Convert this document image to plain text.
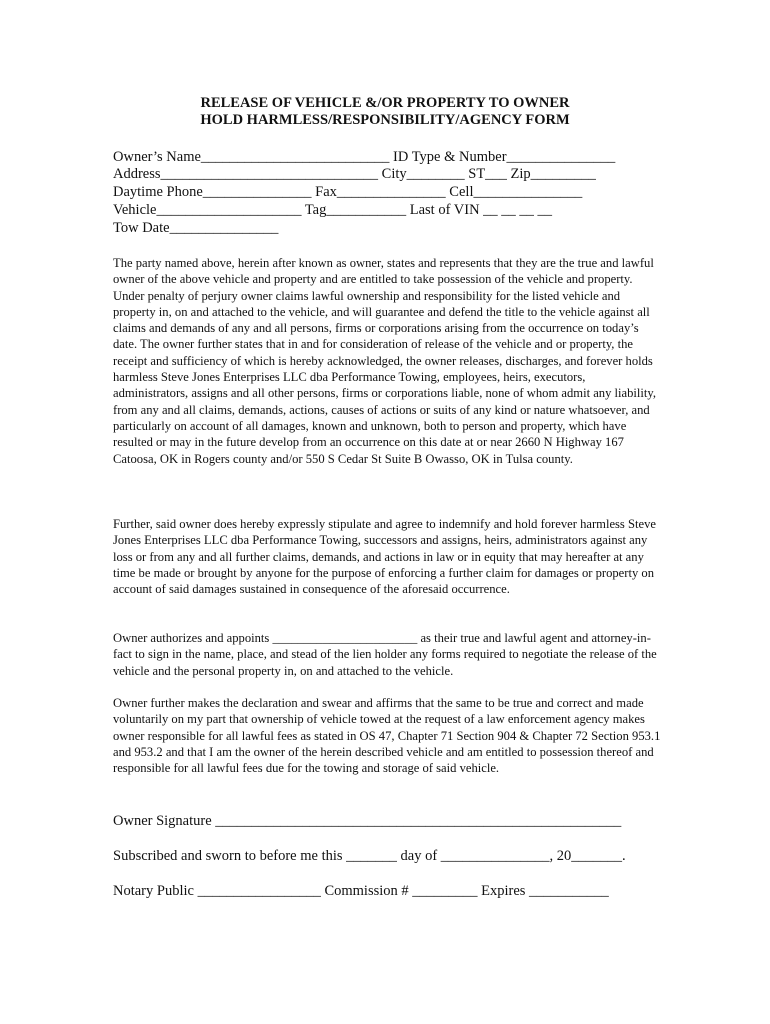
RELEASE OF VEHICLE &/OR PROPERTY TO OWNER
HOLD HARMLESS/RESPONSIBILITY/AGENCY FORM
Owner’s Name__________________________ ID Type & Number_______________
Address______________________________ City________ ST___ Zip_________
Daytime Phone_______________ Fax_______________ Cell_______________
Vehicle____________________ Tag___________ Last of VIN __ __ __ __
Tow Date_______________

The party named above, herein after known as owner, states and represents that they are the true and lawful owner of the above vehicle and property and are entitled to take possession of the vehicle and property. Under penalty of perjury owner claims lawful ownership and responsibility for the listed vehicle and property in, on and attached to the vehicle, and will guarantee and defend the title to the vehicle against all claims and demands of any and all persons, firms or corporations arising from the occurrence on today’s date. The owner further states that in and for consideration of release of the vehicle and or property, the receipt and sufficiency of which is hereby acknowledged, the owner releases, discharges, and forever holds harmless Steve Jones Enterprises LLC dba Performance Towing, employees, heirs, executors, administrators, assigns and all other persons, firms or corporations liable, none of whom admit any liability, from any and all claims, demands, actions, causes of actions or suits of any kind or nature whatsoever, and particularly on account of all damages, known and unknown, both to person and property, which have resulted or may in the future develop from an occurrence on this date at or near 2660 N Highway 167 Catoosa, OK in Rogers county and/or 550 S Cedar St Suite B Owasso, OK in Tulsa county.

Further, said owner does hereby expressly stipulate and agree to indemnify and hold forever harmless Steve Jones Enterprises LLC dba Performance Towing, successors and assigns, heirs, administrators against any loss or from any and all further claims, demands, and actions in law or in equity that may hereafter at any time be made or brought by anyone for the purpose of enforcing a further claim for damages or property on account of said damages sustained in consequence of the aforesaid occurrence.

Owner authorizes and appoints _______________________ as their true and lawful agent and attorney-in-fact to sign in the name, place, and stead of the lien holder any forms required to negotiate the release of the vehicle and the personal property in, on and attached to the vehicle.

Owner further makes the declaration and swear and affirms that the same to be true and correct and made voluntarily on my part that ownership of vehicle towed at the request of a law enforcement agency makes owner responsible for all lawful fees as stated in OS 47, Chapter 71 Section 904 & Chapter 72 Section 953.1 and 953.2 and that I am the owner of the herein described vehicle and am entitled to possession thereof and responsible for all lawful fees due for the towing and storage of said vehicle.

Owner Signature ________________________________________________________
Subscribed and sworn to before me this _______ day of _______________, 20_______.
Notary Public _________________ Commission # _________ Expires ___________
